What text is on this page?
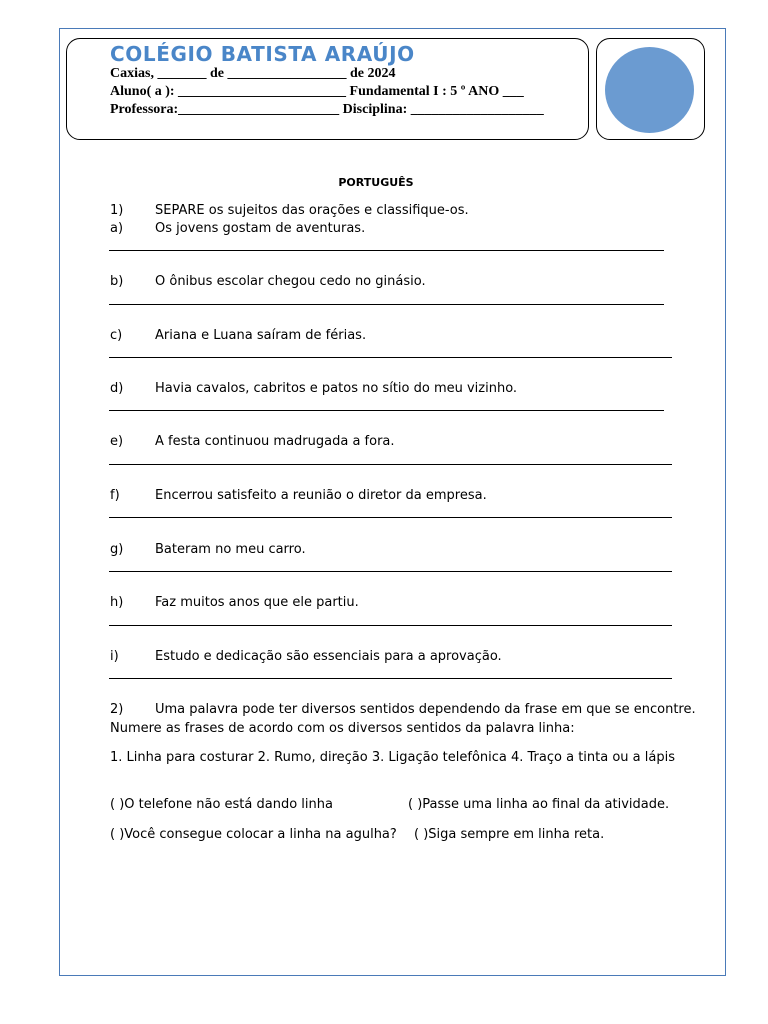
COLÉGIO BATISTA ARAÚJO
Caxias, _______ de _________________ de 2024
Aluno( a ): ________________________ Fundamental I : 5 º ANO ___
Professora:_______________________ Disciplina: ___________________
PORTUGUÊS
1) SEPARE os sujeitos das orações e classifique-os.
a) Os jovens gostam de aventuras.
b) O ônibus escolar chegou cedo no ginásio.
c)	Ariana e Luana saíram de férias.
d) Havia cavalos, cabritos e patos no sítio do meu vizinho.
e) A festa continuou madrugada a fora.
f)	Encerrou satisfeito a reunião o diretor da empresa.
g) Bateram no meu carro.
h) Faz muitos anos que ele partiu.
i)	Estudo e dedicação são essenciais para a aprovação.
2) Uma palavra pode ter diversos sentidos dependendo da frase em que se encontre.
Numere as frases de acordo com os diversos sentidos da palavra linha:
1. Linha para costurar 2. Rumo, direção 3. Ligação telefônica 4. Traço a tinta ou a lápis
( )O telefone não está dando linha	( )Passe uma linha ao final da atividade.
( )Você consegue colocar a linha na agulha? ( )Siga sempre em linha reta.
